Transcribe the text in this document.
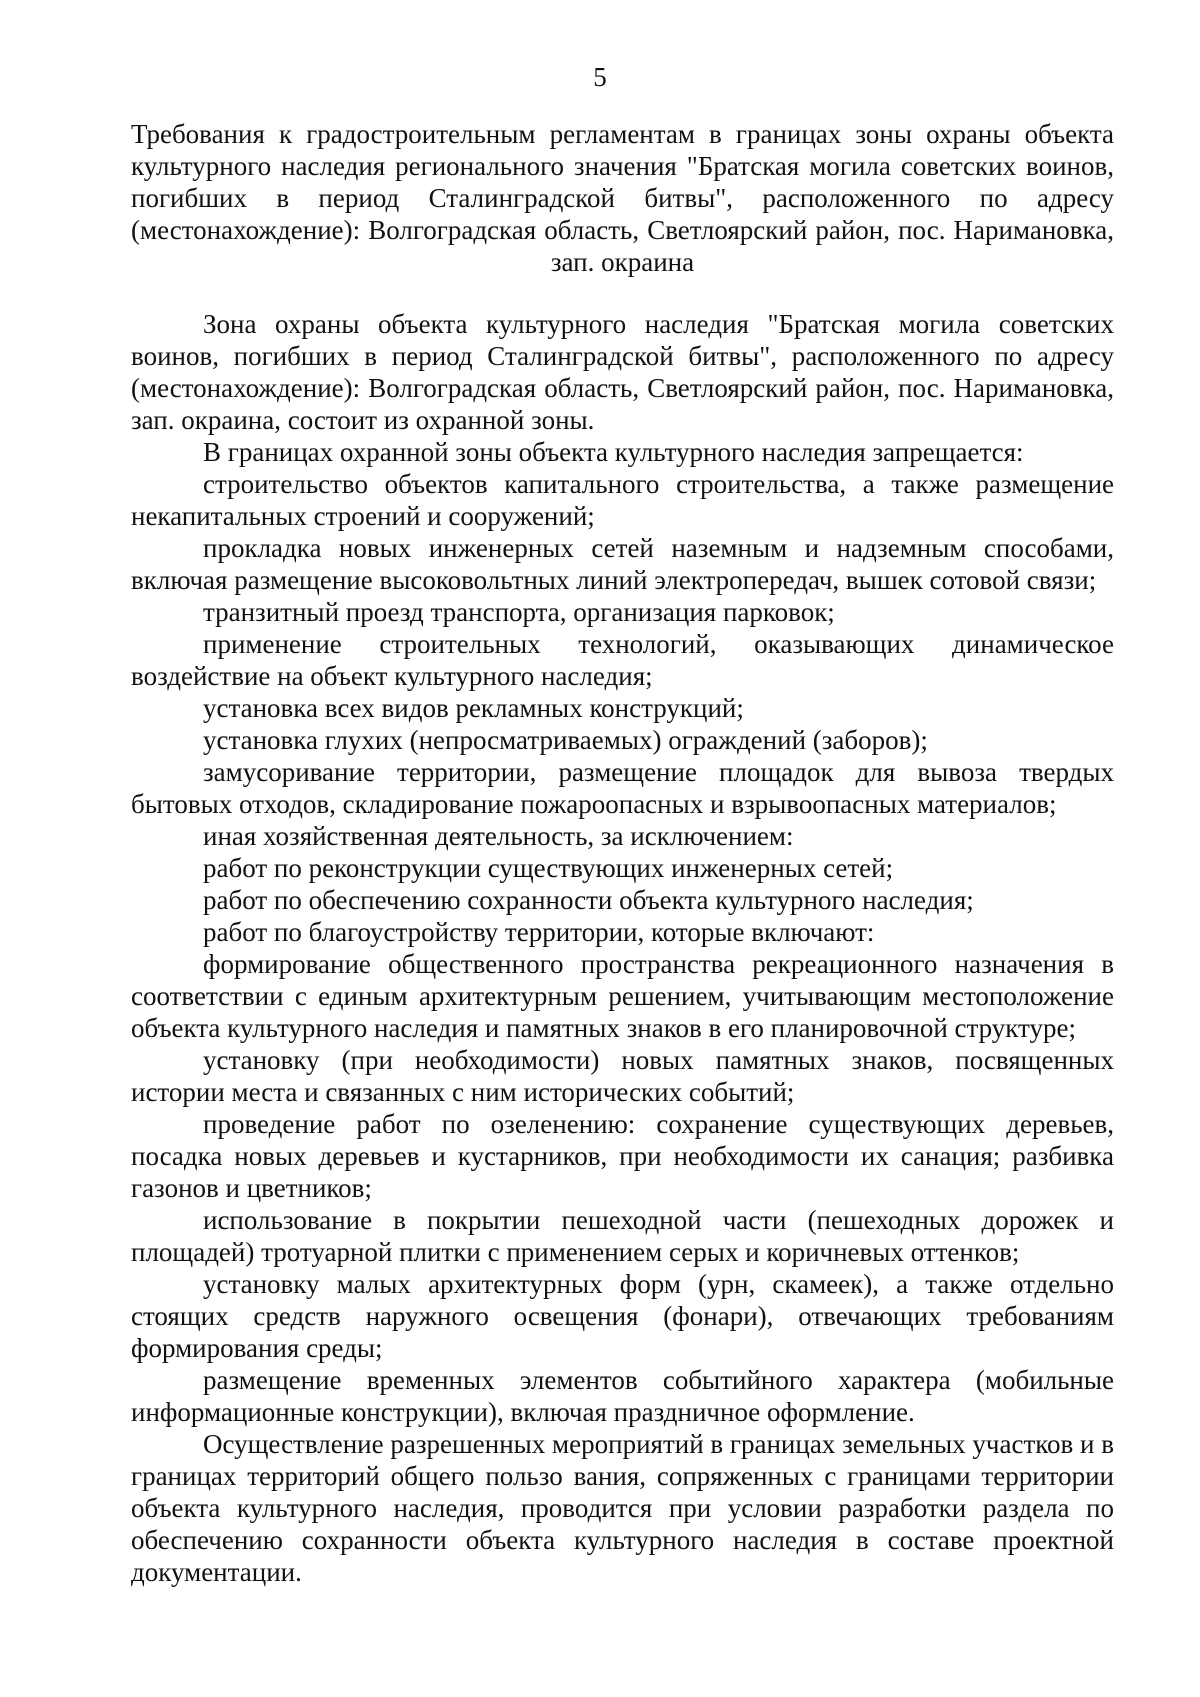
5

Требования к градостроительным регламентам в границах зоны охраны объекта культурного наследия регионального значения "Братская могила советских воинов, погибших в период Сталинградской битвы", расположенного по адресу (местонахождение): Волгоградская область, Светлоярский район, пос. Наримановка, зап. окраина

Зона охраны объекта культурного наследия "Братская могила советских воинов, погибших в период Сталинградской битвы", расположенного по адресу (местонахождение): Волгоградская область, Светлоярский район, пос. Наримановка, зап. окраина, состоит из охранной зоны.

В границах охранной зоны объекта культурного наследия запрещается:

строительство объектов капитального строительства, а также размещение некапитальных строений и сооружений;

прокладка новых инженерных сетей наземным и надземным способами, включая размещение высоковольтных линий электропередач, вышек сотовой связи;

транзитный проезд транспорта, организация парковок;

применение строительных технологий, оказывающих динамическое воздействие на объект культурного наследия;

установка всех видов рекламных конструкций;

установка глухих (непросматриваемых) ограждений (заборов);

замусоривание территории, размещение площадок для вывоза твердых бытовых отходов, складирование пожароопасных и взрывоопасных материалов;

иная хозяйственная деятельность, за исключением:

работ по реконструкции существующих инженерных сетей;

работ по обеспечению сохранности объекта культурного наследия;

работ по благоустройству территории, которые включают:

формирование общественного пространства рекреационного назначения в соответствии с единым архитектурным решением, учитывающим местоположение объекта культурного наследия и памятных знаков в его планировочной структуре;

установку (при необходимости) новых памятных знаков, посвященных истории места и связанных с ним исторических событий;

проведение работ по озеленению: сохранение существующих деревьев, посадка новых деревьев и кустарников, при необходимости их санация; разбивка газонов и цветников;

использование в покрытии пешеходной части (пешеходных дорожек и площадей) тротуарной плитки с применением серых и коричневых оттенков;

установку малых архитектурных форм (урн, скамеек), а также отдельно стоящих средств наружного освещения (фонари), отвечающих требованиям формирования среды;

размещение временных элементов событийного характера (мобильные информационные конструкции), включая праздничное оформление.

Осуществление разрешенных мероприятий в границах земельных участков и в границах территорий общего пользо вания, сопряженных с границами территории объекта культурного наследия, проводится при условии разработки раздела по обеспечению сохранности объекта культурного наследия в составе проектной документации.
